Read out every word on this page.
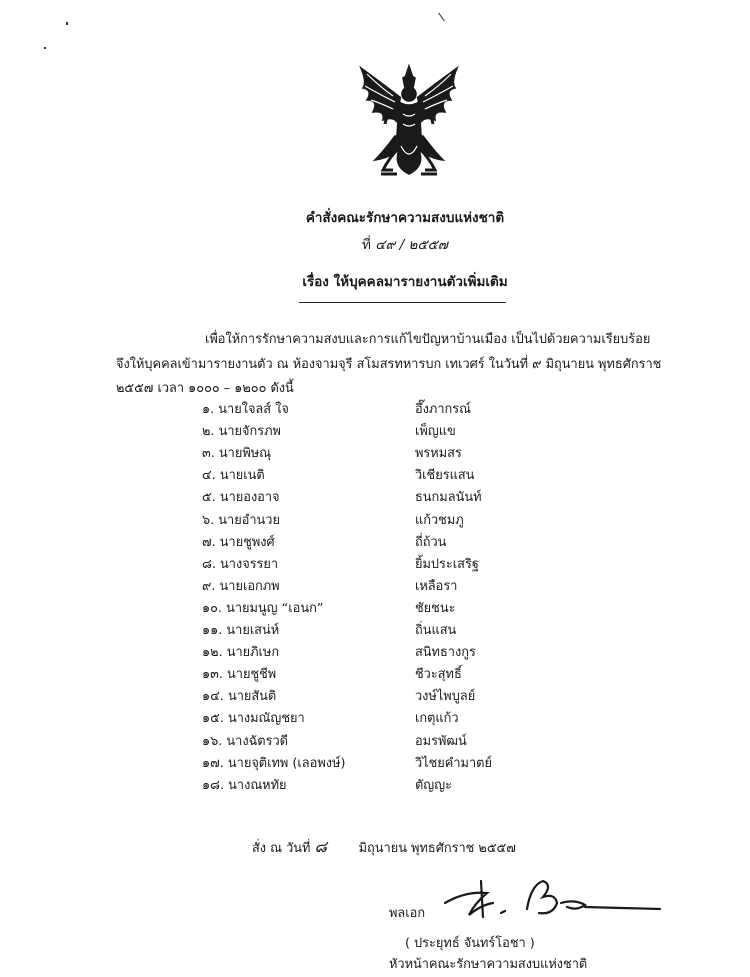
คำสั่งคณะรักษาความสงบแห่งชาติ
ที่ ๔๙ / ๒๕๕๗
เรื่อง ให้บุคคลมารายงานตัวเพิ่มเติม
เพื่อให้การรักษาความสงบและการแก้ไขปัญหาบ้านเมือง เป็นไปด้วยความเรียบร้อย
จึงให้บุคคลเข้ามารายงานตัว ณ ห้องจามจุรี สโมสรทหารบก เทเวศร์ ในวันที่ ๙ มิถุนายน พุทธศักราช
๒๕๕๗ เวลา ๑๐๐๐ – ๑๒๐๐ ดังนี้
๑. นายใจลส์ ใจ	อึ๊งภากรณ์
๒. นายจักรภพ	เพ็ญแข
๓. นายพิษณุ	พรหมสร
๔. นายเนติ	วิเชียรแสน
๕. นายองอาจ	ธนกมลนันท์
๖. นายอำนวย	แก้วชมภู
๗. นายชูพงศ์	ถี่ถ้วน
๘. นางจรรยา	ยิ้มประเสริฐ
๙. นายเอกภพ	เหลือรา
๑๐. นายมนูญ “เอนก”	ชัยชนะ
๑๑. นายเสน่ห์	ถิ่นแสน
๑๒. นายภิเษก	สนิทธางกูร
๑๓. นายชูชีพ	ชีวะสุทธิ์
๑๔. นายสันติ	วงษ์ไพบูลย์
๑๕. นางมณัญชยา	เกตุแก้ว
๑๖. นางฉัตรวดี	อมรพัฒน์
๑๗. นายจุติเทพ (เลอพงษ์)	วิไชยคำมาตย์
๑๘. นางณหทัย	ตัญญะ
สั่ง ณ วันที่ ๘ มิถุนายน พุทธศักราช ๒๕๕๗
พลเอก
( ประยุทธ์ จันทร์โอชา )
หัวหน้าคณะรักษาความสงบแห่งชาติ
